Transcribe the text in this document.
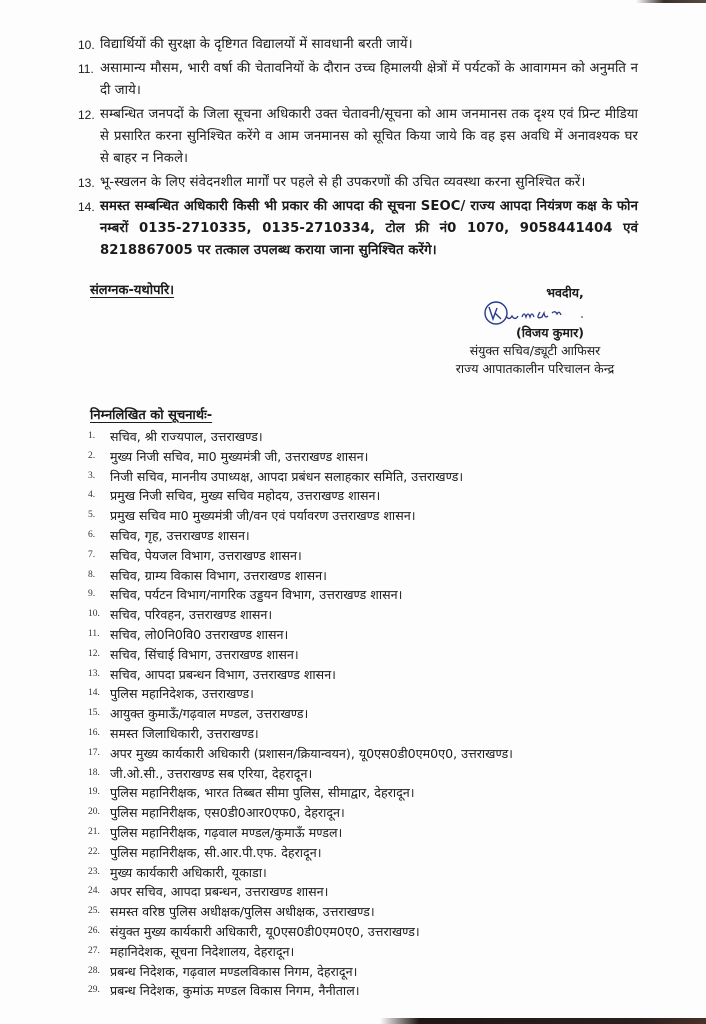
10. विद्यार्थियों की सुरक्षा के दृष्टिगत विद्यालयों में सावधानी बरती जायें।
11. असामान्य मौसम, भारी वर्षा की चेतावनियों के दौरान उच्च हिमालयी क्षेत्रों में पर्यटकों के आवागमन को अनुमति न दी जाये।
12. सम्बन्धित जनपदों के जिला सूचना अधिकारी उक्त चेतावनी/सूचना को आम जनमानस तक दृश्य एवं प्रिन्ट मीडिया से प्रसारित करना सुनिश्चित करेंगे व आम जनमानस को सूचित किया जाये कि वह इस अवधि में अनावश्यक घर से बाहर न निकले।
13. भू-स्खलन के लिए संवेदनशील मार्गों पर पहले से ही उपकरणों की उचित व्यवस्था करना सुनिश्चित करें।
14. समस्त सम्बन्धित अधिकारी किसी भी प्रकार की आपदा की सूचना SEOC/ राज्य आपदा नियंत्रण कक्ष के फोन नम्बरों 0135-2710335, 0135-2710334, टोल फ्री नं0 1070, 9058441404 एवं 8218867005 पर तत्काल उपलब्ध कराया जाना सुनिश्चित करेंगे।
संलग्नक-यथोपरि।	भवदीय,
(विजय कुमार)
संयुक्त सचिव/ड्यूटी आफिसर
राज्य आपातकालीन परिचालन केन्द्र
निम्नलिखित को सूचनार्थः-
1.	सचिव, श्री राज्यपाल, उत्तराखण्ड।
2.	मुख्य निजी सचिव, मा0 मुख्यमंत्री जी, उत्तराखण्ड शासन।
3.	निजी सचिव, माननीय उपाध्यक्ष, आपदा प्रबंधन सलाहकार समिति, उत्तराखण्ड।
4.	प्रमुख निजी सचिव, मुख्य सचिव महोदय, उत्तराखण्ड शासन।
5.	प्रमुख सचिव मा0 मुख्यमंत्री जी/वन एवं पर्यावरण उत्तराखण्ड शासन।
6.	सचिव, गृह, उत्तराखण्ड शासन।
7.	सचिव, पेयजल विभाग, उत्तराखण्ड शासन।
8.	सचिव, ग्राम्य विकास विभाग, उत्तराखण्ड शासन।
9.	सचिव, पर्यटन विभाग/नागरिक उड्डयन विभाग, उत्तराखण्ड शासन।
10. सचिव, परिवहन, उत्तराखण्ड शासन।
11. सचिव, लो0नि0वि0 उत्तराखण्ड शासन।
12. सचिव, सिंचाई विभाग, उत्तराखण्ड शासन।
13. सचिव, आपदा प्रबन्धन विभाग, उत्तराखण्ड शासन।
14. पुलिस महानिदेशक, उत्तराखण्ड।
15. आयुक्त कुमाऊँ/गढ़वाल मण्डल, उत्तराखण्ड।
16. समस्त जिलाधिकारी, उत्तराखण्ड।
17. अपर मुख्य कार्यकारी अधिकारी (प्रशासन/क्रियान्वयन), यू0एस0डी0एम0ए0, उत्तराखण्ड।
18. जी.ओ.सी., उत्तराखण्ड सब एरिया, देहरादून।
19. पुलिस महानिरीक्षक, भारत तिब्बत सीमा पुलिस, सीमाद्वार, देहरादून।
20. पुलिस महानिरीक्षक, एस0डी0आर0एफ0, देहरादून।
21. पुलिस महानिरीक्षक, गढ़वाल मण्डल/कुमाऊँ मण्डल।
22. पुलिस महानिरीक्षक, सी.आर.पी.एफ. देहरादून।
23. मुख्य कार्यकारी अधिकारी, यूकाडा।
24. अपर सचिव, आपदा प्रबन्धन, उत्तराखण्ड शासन।
25. समस्त वरिष्ठ पुलिस अधीक्षक/पुलिस अधीक्षक, उत्तराखण्ड।
26. संयुक्त मुख्य कार्यकारी अधिकारी, यू0एस0डी0एम0ए0, उत्तराखण्ड।
27. महानिदेशक, सूचना निदेशालय, देहरादून।
28. प्रबन्ध निदेशक, गढ़वाल मण्डलविकास निगम, देहरादून।
29. प्रबन्ध निदेशक, कुमांऊ मण्डल विकास निगम, नैनीताल।
